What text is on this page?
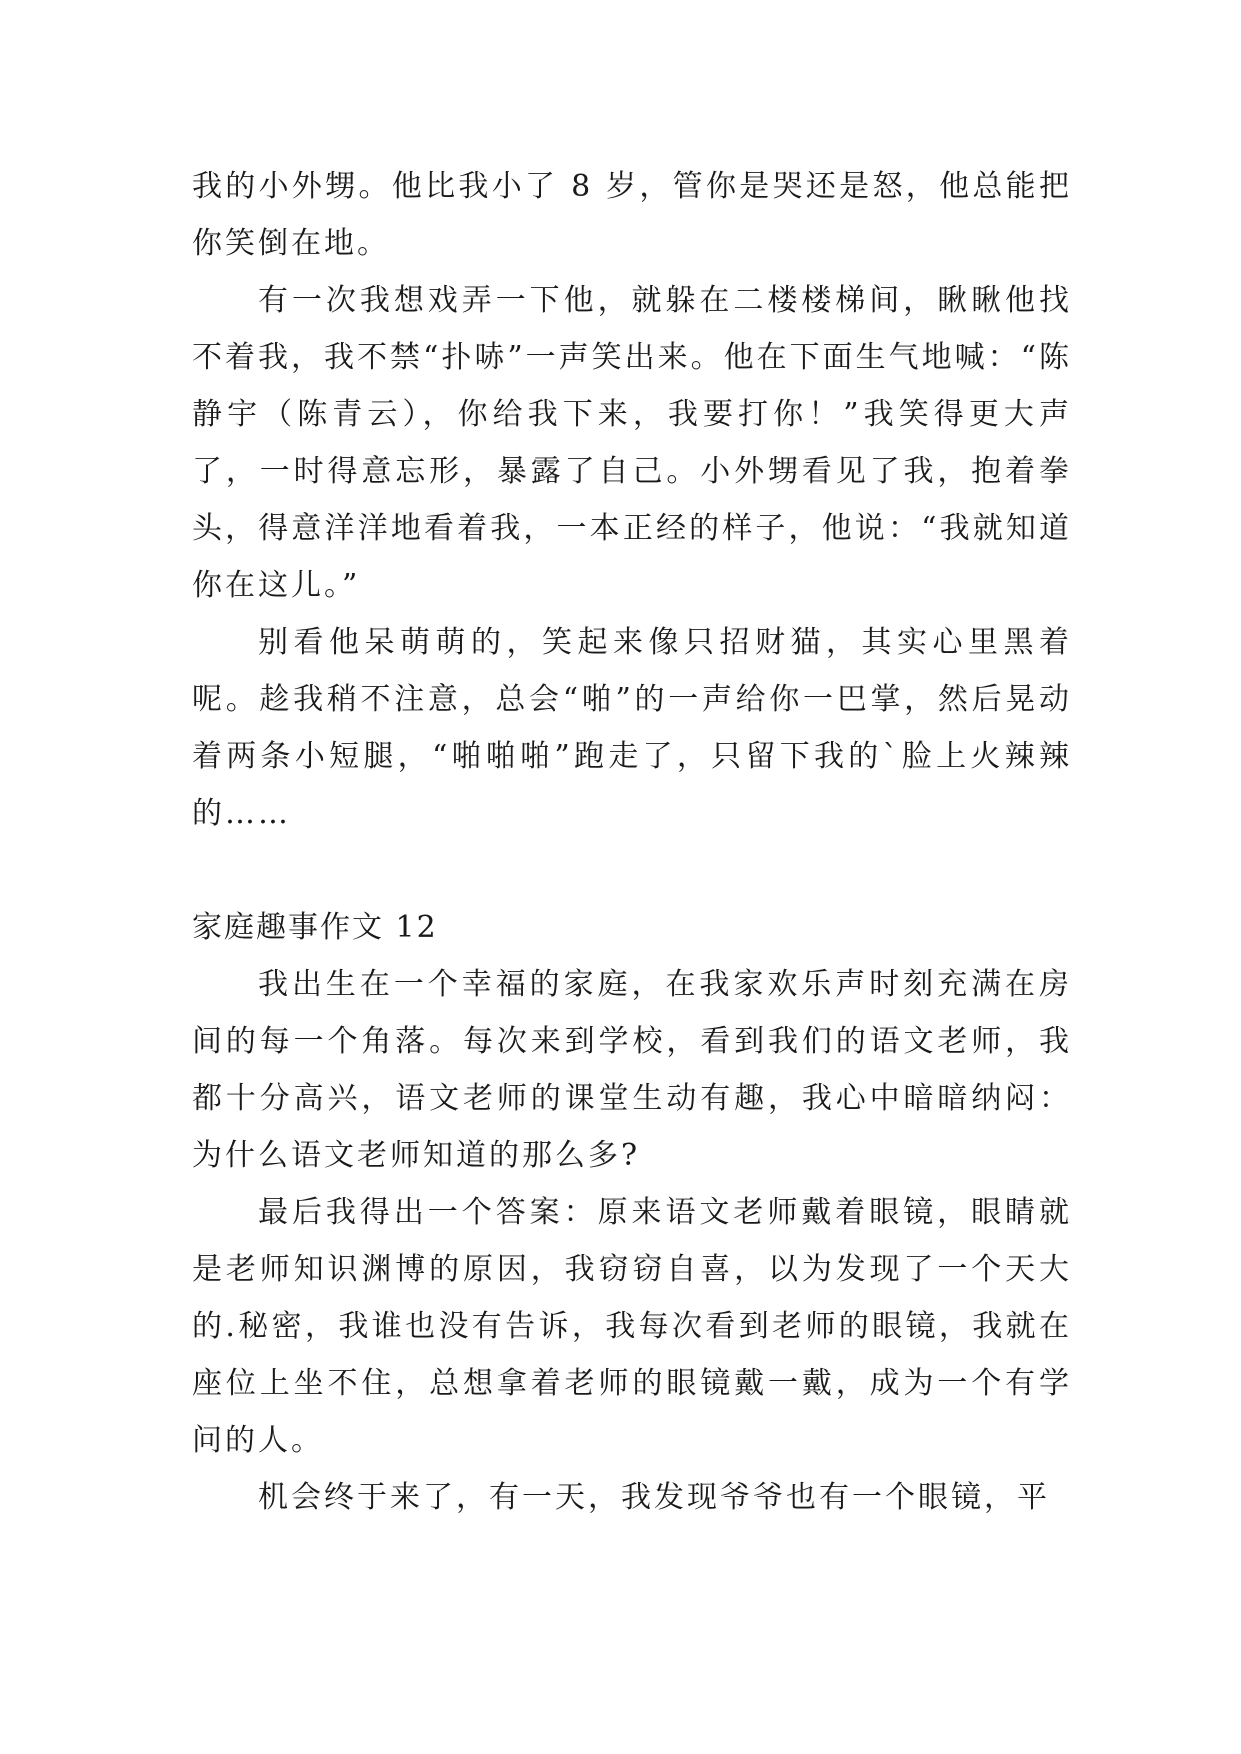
我的小外甥。他比我小了 8 岁，管你是哭还是怒，他总能把你笑倒在地。

有一次我想戏弄一下他，就躲在二楼楼梯间，瞅瞅他找不着我，我不禁“扑哧”一声笑出来。他在下面生气地喊：“陈静宇（陈青云），你给我下来，我要打你！”我笑得更大声了，一时得意忘形，暴露了自己。小外甥看见了我，抱着拳头，得意洋洋地看着我，一本正经的样子，他说：“我就知道你在这儿。”

别看他呆萌萌的，笑起来像只招财猫，其实心里黑着呢。趁我稍不注意，总会“啪”的一声给你一巴掌，然后晃动着两条小短腿，“啪啪啪”跑走了，只留下我的`脸上火辣辣的……

家庭趣事作文 12

我出生在一个幸福的家庭，在我家欢乐声时刻充满在房间的每一个角落。每次来到学校，看到我们的语文老师，我都十分高兴，语文老师的课堂生动有趣，我心中暗暗纳闷：为什么语文老师知道的那么多?

最后我得出一个答案：原来语文老师戴着眼镜，眼睛就是老师知识渊博的原因，我窃窃自喜，以为发现了一个天大的.秘密，我谁也没有告诉，我每次看到老师的眼镜，我就在座位上坐不住，总想拿着老师的眼镜戴一戴，成为一个有学问的人。

机会终于来了，有一天，我发现爷爷也有一个眼镜，平
